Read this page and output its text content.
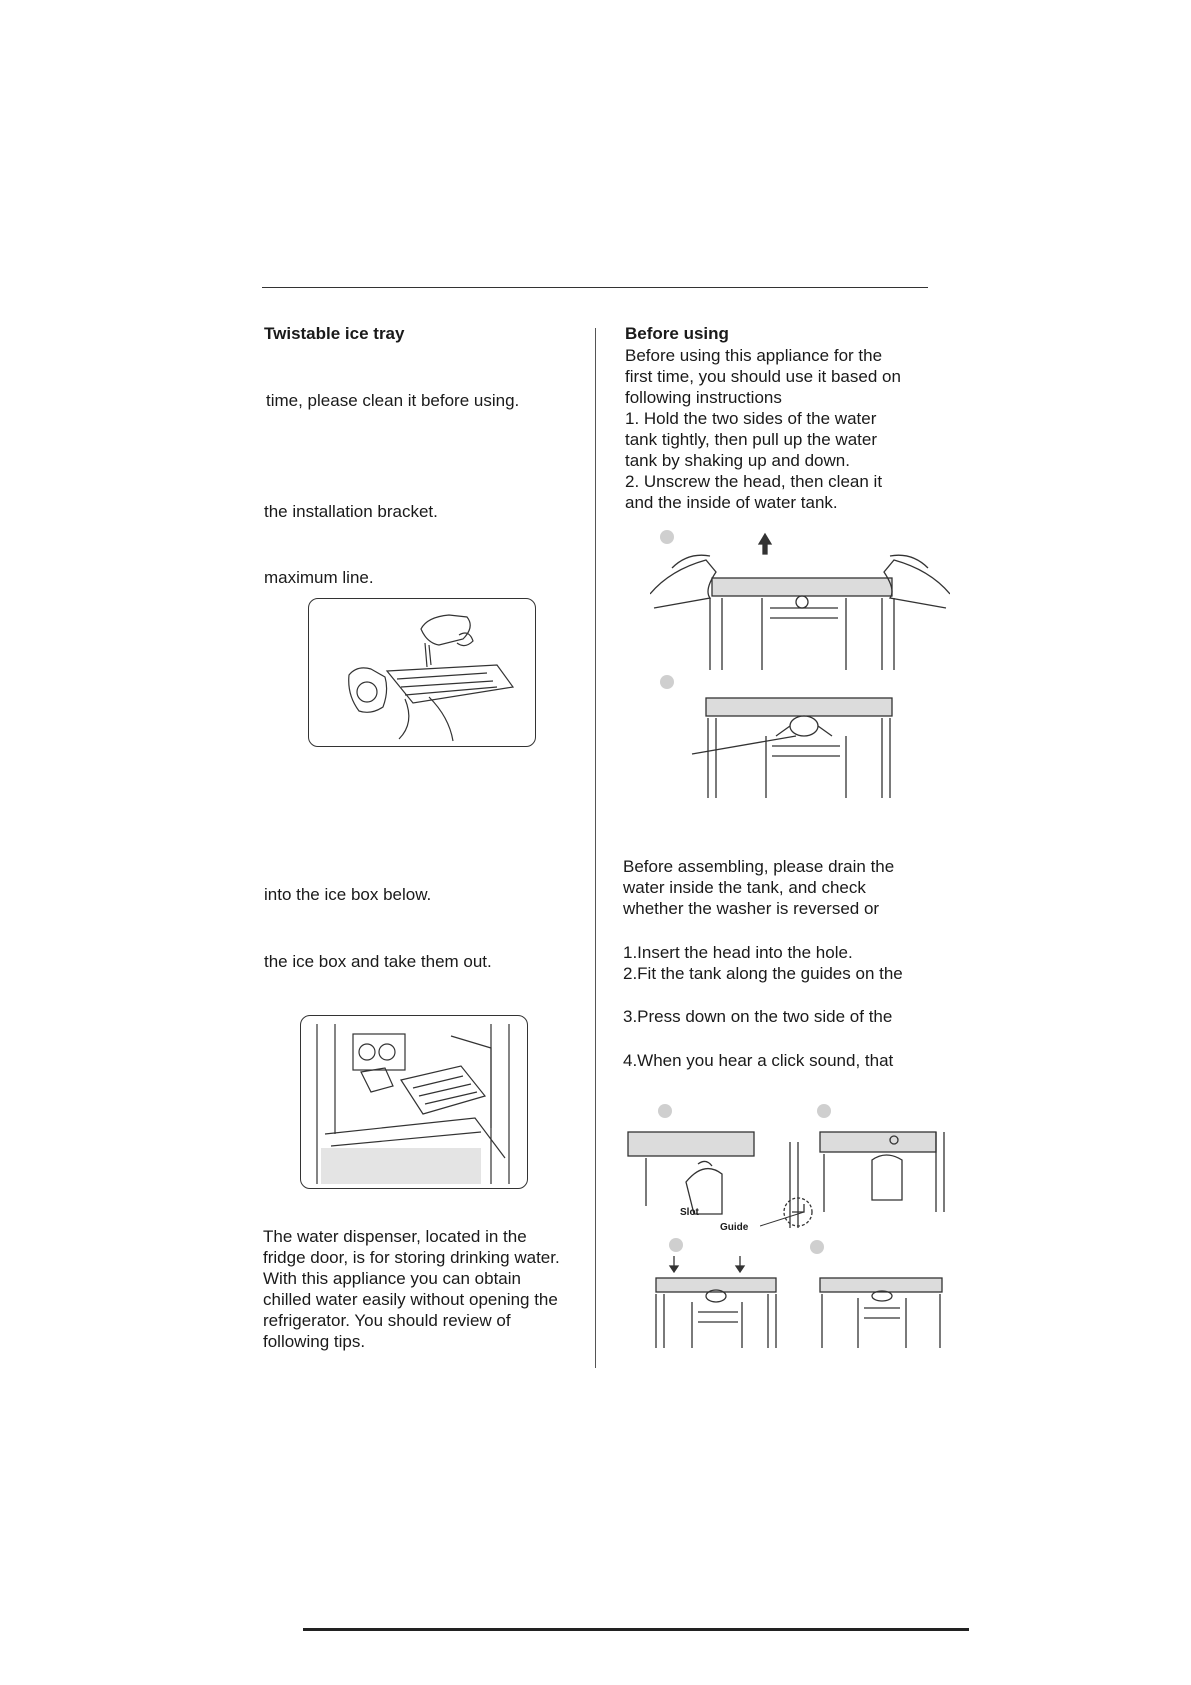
Twistable ice tray
time, please clean it before using.
the installation bracket.
maximum line.
into the ice box below.
the ice box and take them out.
The water dispenser, located in the
fridge door, is for storing drinking water.
With this appliance you can obtain
chilled water easily without opening the
refrigerator. You should review of
following tips.
Before using
Before using this appliance for the
first time, you should use it based on
following instructions
1. Hold the two sides of the water
tank tightly, then pull up the water
tank by shaking up and down.
2. Unscrew the head, then clean it
and the inside of water tank.
Before assembling, please drain the
water inside the tank, and check
whether the washer is reversed or
1.Insert the head into the hole.
2.Fit the tank along the guides on the
3.Press down on the two side of the
4.When you hear a click sound, that
Slot
Guide
